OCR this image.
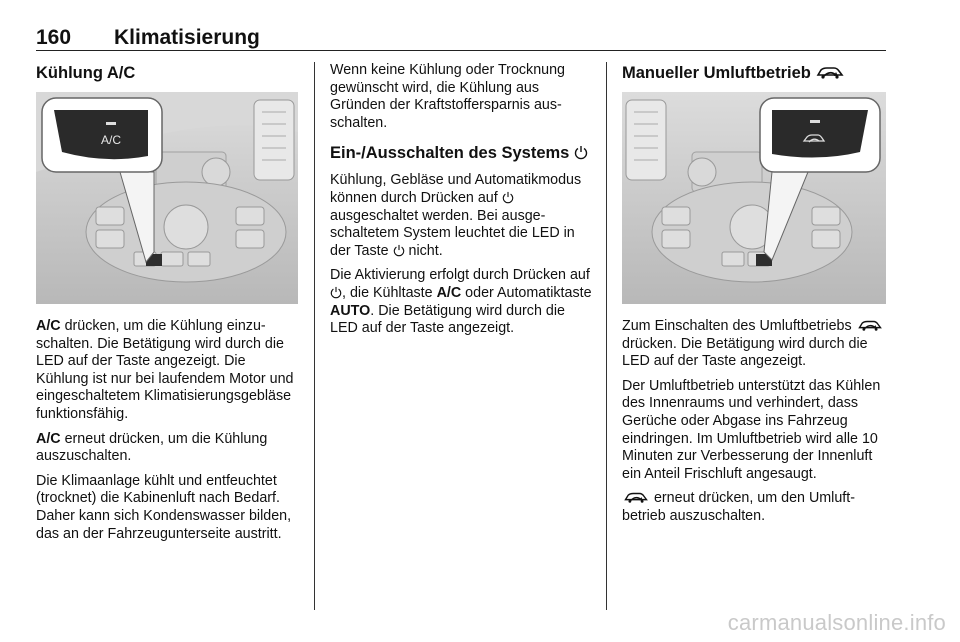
160 Klimatisierung
Kühlung A/C
A/C

A/C drücken, um die Kühlung einzuschalten. Die Betätigung wird durch die LED auf der Taste angezeigt. Die Kühlung ist nur bei laufendem Motor und eingeschaltetem Klimatisierungsgebläse funktionsfähig.

A/C erneut drücken, um die Kühlung auszuschalten.

Die Klimaanlage kühlt und entfeuchtet (trocknet) die Kabinenluft nach Bedarf. Daher kann sich Kondenswasser bilden, das an der Fahrzeugunterseite austritt.

Wenn keine Kühlung oder Trocknung gewünscht wird, die Kühlung aus Gründen der Kraftstoffersparnis ausschalten.

Ein-/Ausschalten des Systems

Kühlung, Gebläse und Automatikmodus können durch Drücken auf  ausgeschaltet werden. Bei ausgeschaltetem System leuchtet die LED in der Taste  nicht.

Die Aktivierung erfolgt durch Drücken auf , die Kühltaste A/C oder Automatiktaste AUTO. Die Betätigung wird durch die LED auf der Taste angezeigt.

Manueller Umluftbetrieb

Zum Einschalten des Umluftbetriebs  drücken. Die Betätigung wird durch die LED auf der Taste angezeigt.

Der Umluftbetrieb unterstützt das Kühlen des Innenraums und verhindert, dass Gerüche oder Abgase ins Fahrzeug eindringen. Im Umluftbetrieb wird alle 10 Minuten zur Verbesserung der Innenluft ein Anteil Frischluft angesaugt.

erneut drücken, um den Umluftbetrieb auszuschalten.

carmanualsonline.info
